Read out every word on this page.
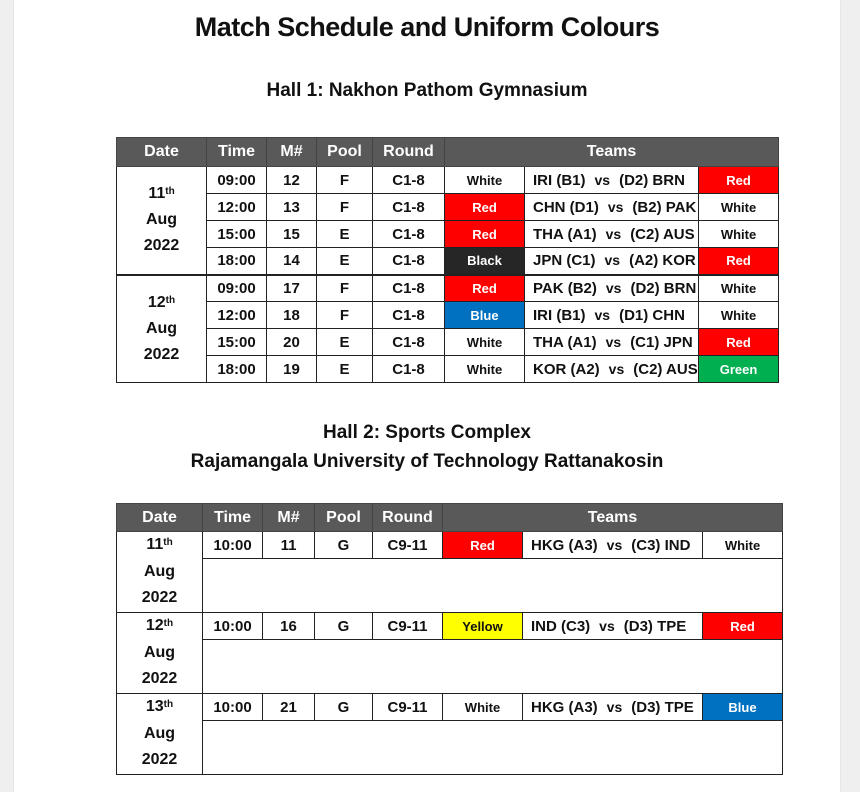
Match Schedule and Uniform Colours
Hall 1: Nakhon Pathom Gymnasium
Date	Time	M#	Pool	Round	Teams		

11th
Aug
2022	09:00	12	F	C1-8	White	IRI (B1) vs (D2) BRN	Red
	12:00	13	F	C1-8	Red	CHN (D1) vs (B2) PAK	White
	15:00	15	E	C1-8	Red	THA (A1) vs (C2) AUS	White
	18:00	14	E	C1-8	Black	JPN (C1) vs (A2) KOR	Red

12th
Aug
2022	09:00	17	F	C1-8	Red	PAK (B2) vs (D2) BRN	White
	12:00	18	F	C1-8	Blue	IRI (B1) vs (D1) CHN	White
	15:00	20	E	C1-8	White	THA (A1) vs (C1) JPN	Red
	18:00	19	E	C1-8	White	KOR (A2) vs (C2) AUS	Green
Hall 2: Sports Complex
Rajamangala University of Technology Rattanakosin
Date	Time	M#	Pool	Round	Teams		

11th
Aug
2022	10:00	11	G	C9-11	Red	HKG (A3) vs (C3) IND	White

12th
Aug
2022	10:00	16	G	C9-11	Yellow	IND (C3) vs (D3) TPE	Red

13th
Aug
2022	10:00	21	G	C9-11	White	HKG (A3) vs (D3) TPE	Blue
